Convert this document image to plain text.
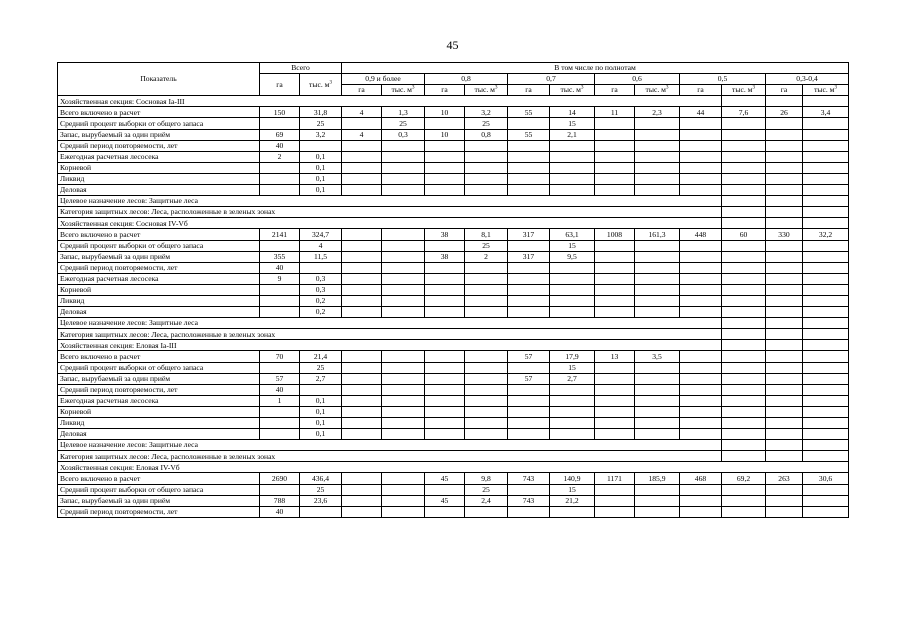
45
Показатель	Всего		В том числе по полнотам											
	га	тыс. $м^3$	0,9 и более		0,8		0,7		0,6		0,5		0,3-0,4	
			га	тыс. $м^3$	га	тыс. $м^3$	га	тыс. $м^3$	га	тыс. $м^3$	га	тыс. $м^3$	га	тыс. $м^3$
Хозяйственная секция: Сосновая Ia-III														
Всего включено в расчет	150	31,8	4	1,3	10	3,2	55	14	11	2,3	44	7,6	26	3,4
Средний процент выборки от общего запаса		25		25		25		15						
Запас, вырубаемый за один приём	69	3,2	4	0,3	10	0,8	55	2,1						
Средний период повторяемости, лет	40													
Ежегодная расчетная лесосека	2	0,1												
Корневой		0,1												
Ликвид		0,1												
Деловая		0,1												
Целевое назначение лесов: Защитные леса														
Категория защитных лесов: Леса, расположенные в зеленых зонах														
Хозяйственная секция: Сосновая IV-Vб														
Всего включено в расчет	2141	324,7			38	8,1	317	63,1	1008	161,3	448	60	330	32,2
Средний процент выборки от общего запаса		4				25		15						
Запас, вырубаемый за один приём	355	11,5			38	2	317	9,5						
Средний период повторяемости, лет	40													
Ежегодная расчетная лесосека	9	0,3												
Корневой		0,3												
Ликвид		0,2												
Деловая		0,2												
Целевое назначение лесов: Защитные леса														
Категория защитных лесов: Леса, расположенные в зеленых зонах														
Хозяйственная секция: Еловая Ia-III														
Всего включено в расчет	70	21,4					57	17,9	13	3,5				
Средний процент выборки от общего запаса		25						15						
Запас, вырубаемый за один приём	57	2,7					57	2,7						
Средний период повторяемости, лет	40													
Ежегодная расчетная лесосека	1	0,1												
Корневой		0,1												
Ликвид		0,1												
Деловая		0,1												
Целевое назначение лесов: Защитные леса														
Категория защитных лесов: Леса, расположенные в зеленых зонах														
Хозяйственная секция: Еловая IV-Vб														
Всего включено в расчет	2690	436,4			45	9,8	743	140,9	1171	185,9	468	69,2	263	30,6
Средний процент выборки от общего запаса		25				25		15						
Запас, вырубаемый за один приём	788	23,6			45	2,4	743	21,2						
Средний период повторяемости, лет	40													
